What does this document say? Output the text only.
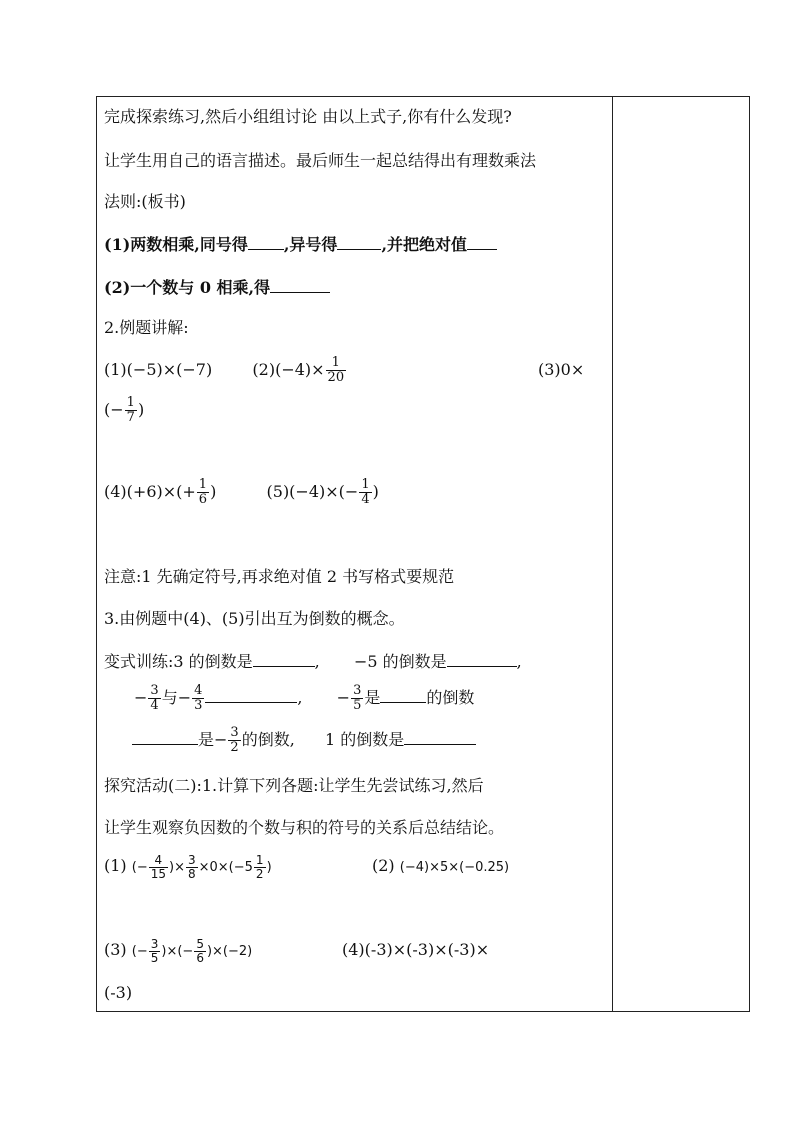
完成探索练习,然后小组组讨论 由以上式子,你有什么发现?
让学生用自己的语言描述。最后师生一起总结得出有理数乘法
法则:(板书)
(1)两数相乘,同号得 ,异号得	,并把绝对值
(2)一个数与 0 相乘,得
2.例题讲解:
(1)(−5)×(−7)	$(2)(-4)\times \frac{1}{20}$	(3)0×
(− $\frac{1}{7}$ )
$(4)(+6)\times(+ \frac{1}{6}$ )	$(5)(-4)\times(- \frac{1}{4}$ )
注意:1 先确定符号,再求绝对值 2 书写格式要规范
3.由例题中(4)、(5)引出互为倒数的概念。
变式训练:3 的倒数是	, −5 的倒数是	,
− $\frac{3}{4}$ 与− $\frac{4}{3}$	, − $\frac{3}{5}$ 是	的倒数
是− $\frac{3}{2}$ 的倒数, 1 的倒数是
探究活动(二):1.计算下列各题:让学生先尝试练习,然后
让学生观察负因数的个数与积的符号的关系后总结结论。
(1) (− $\frac{4}{15}$ )× $\frac{3}{8} \times 0\times(-5 \frac{1}{2}$ )	(2) (−4)×5×(−0.25)
(3) (− $\frac{3}{5}$ )×(− $\frac{5}{6} )\times(-2)$	(4)(-3)×(-3)×(-3)×
(-3)
